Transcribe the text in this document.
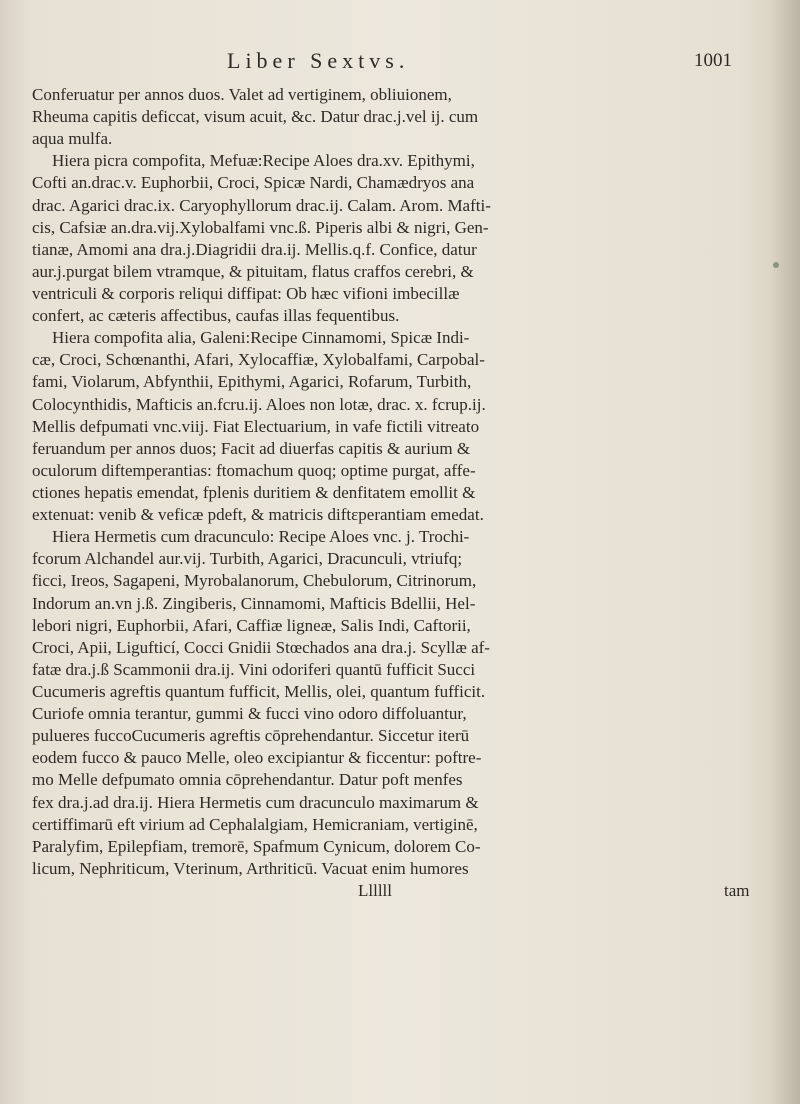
Liber Sextvs.	1001
Conferuatur per annos duos. Valet ad vertiginem, obliuionem,
Rheuma capitis deficcat, visum acuit, &c. Datur drac.j.vel ij. cum
aqua mulfa.
Hiera picra compofita, Mefuæ:Recipe Aloes dra.xv. Epithymi,
Cofti an.drac.v. Euphorbii, Croci, Spicæ Nardi, Chamædryos ana
drac. Agarici drac.ix. Caryophyllorum drac.ij. Calam. Arom. Mafti-
cis, Cafsiæ an.dra.vij.Xylobalfami vnc.ß. Piperis albi & nigri, Gen-
tianæ, Amomi ana dra.j.Diagridii dra.ij. Mellis.q.f. Confice, datur
aur.j.purgat bilem vtramque, & pituitam, flatus craffos cerebri, &
ventriculi & corporis reliqui diffipat: Ob hæc vifioni imbecillæ
confert, ac cæteris affectibus, caufas illas fequentibus.
Hiera compofita alia, Galeni:Recipe Cinnamomi, Spicæ Indi-
cæ, Croci, Schœnanthi, Afari, Xylocaffiæ, Xylobalfami, Carpobal-
fami, Violarum, Abfynthii, Epithymi, Agarici, Rofarum, Turbith,
Colocynthidis, Mafticis an.fcru.ij. Aloes non lotæ, drac. x. fcrup.ij.
Mellis defpumati vnc.viij. Fiat Electuarium, in vafe fictili vitreato
feruandum per annos duos; Facit ad diuerfas capitis & aurium &
oculorum diftemperantias: ftomachum quoq; optime purgat, affe-
ctiones hepatis emendat, fplenis duritiem & denfitatem emollit &
extenuat: venib & veficæ pdeft, & matricis diftεperantiam emedat.
Hiera Hermetis cum dracunculo: Recipe Aloes vnc. j. Trochi-
fcorum Alchandel aur.vij. Turbith, Agarici, Dracunculi, vtriufq;
ficci, Ireos, Sagapeni, Myrobalanorum, Chebulorum, Citrinorum,
Indorum an.vn j.ß. Zingiberis, Cinnamomi, Mafticis Bdellii, Hel-
lebori nigri, Euphorbii, Afari, Caffiæ ligneæ, Salis Indi, Caftorii,
Croci, Apii, Ligufticí, Cocci Gnidii Stœchados ana dra.j. Scyllæ af-
fatæ dra.j.ß Scammonii dra.ij. Vini odoriferi quantū fufficit Succi
Cucumeris agreftis quantum fufficit, Mellis, olei, quantum fufficit.
Curiofe omnia terantur, gummi & fucci vino odoro diffoluantur,
pulueres fuccoCucumeris agreftis cōprehendantur. Siccetur iterū
eodem fucco & pauco Melle, oleo excipiantur & ficcentur: poftre-
mo Melle defpumato omnia cōprehendantur. Datur poft menfes
fex dra.j.ad dra.ij. Hiera Hermetis cum dracunculo maximarum &
certiffimarū eft virium ad Cephalalgiam, Hemicraniam, vertiginē,
Paralyfim, Epilepfiam, tremorē, Spafmum Cynicum, dolorem Co-
licum, Nephriticum, Vterinum, Arthriticū. Vacuat enim humores
Llllll	tam
